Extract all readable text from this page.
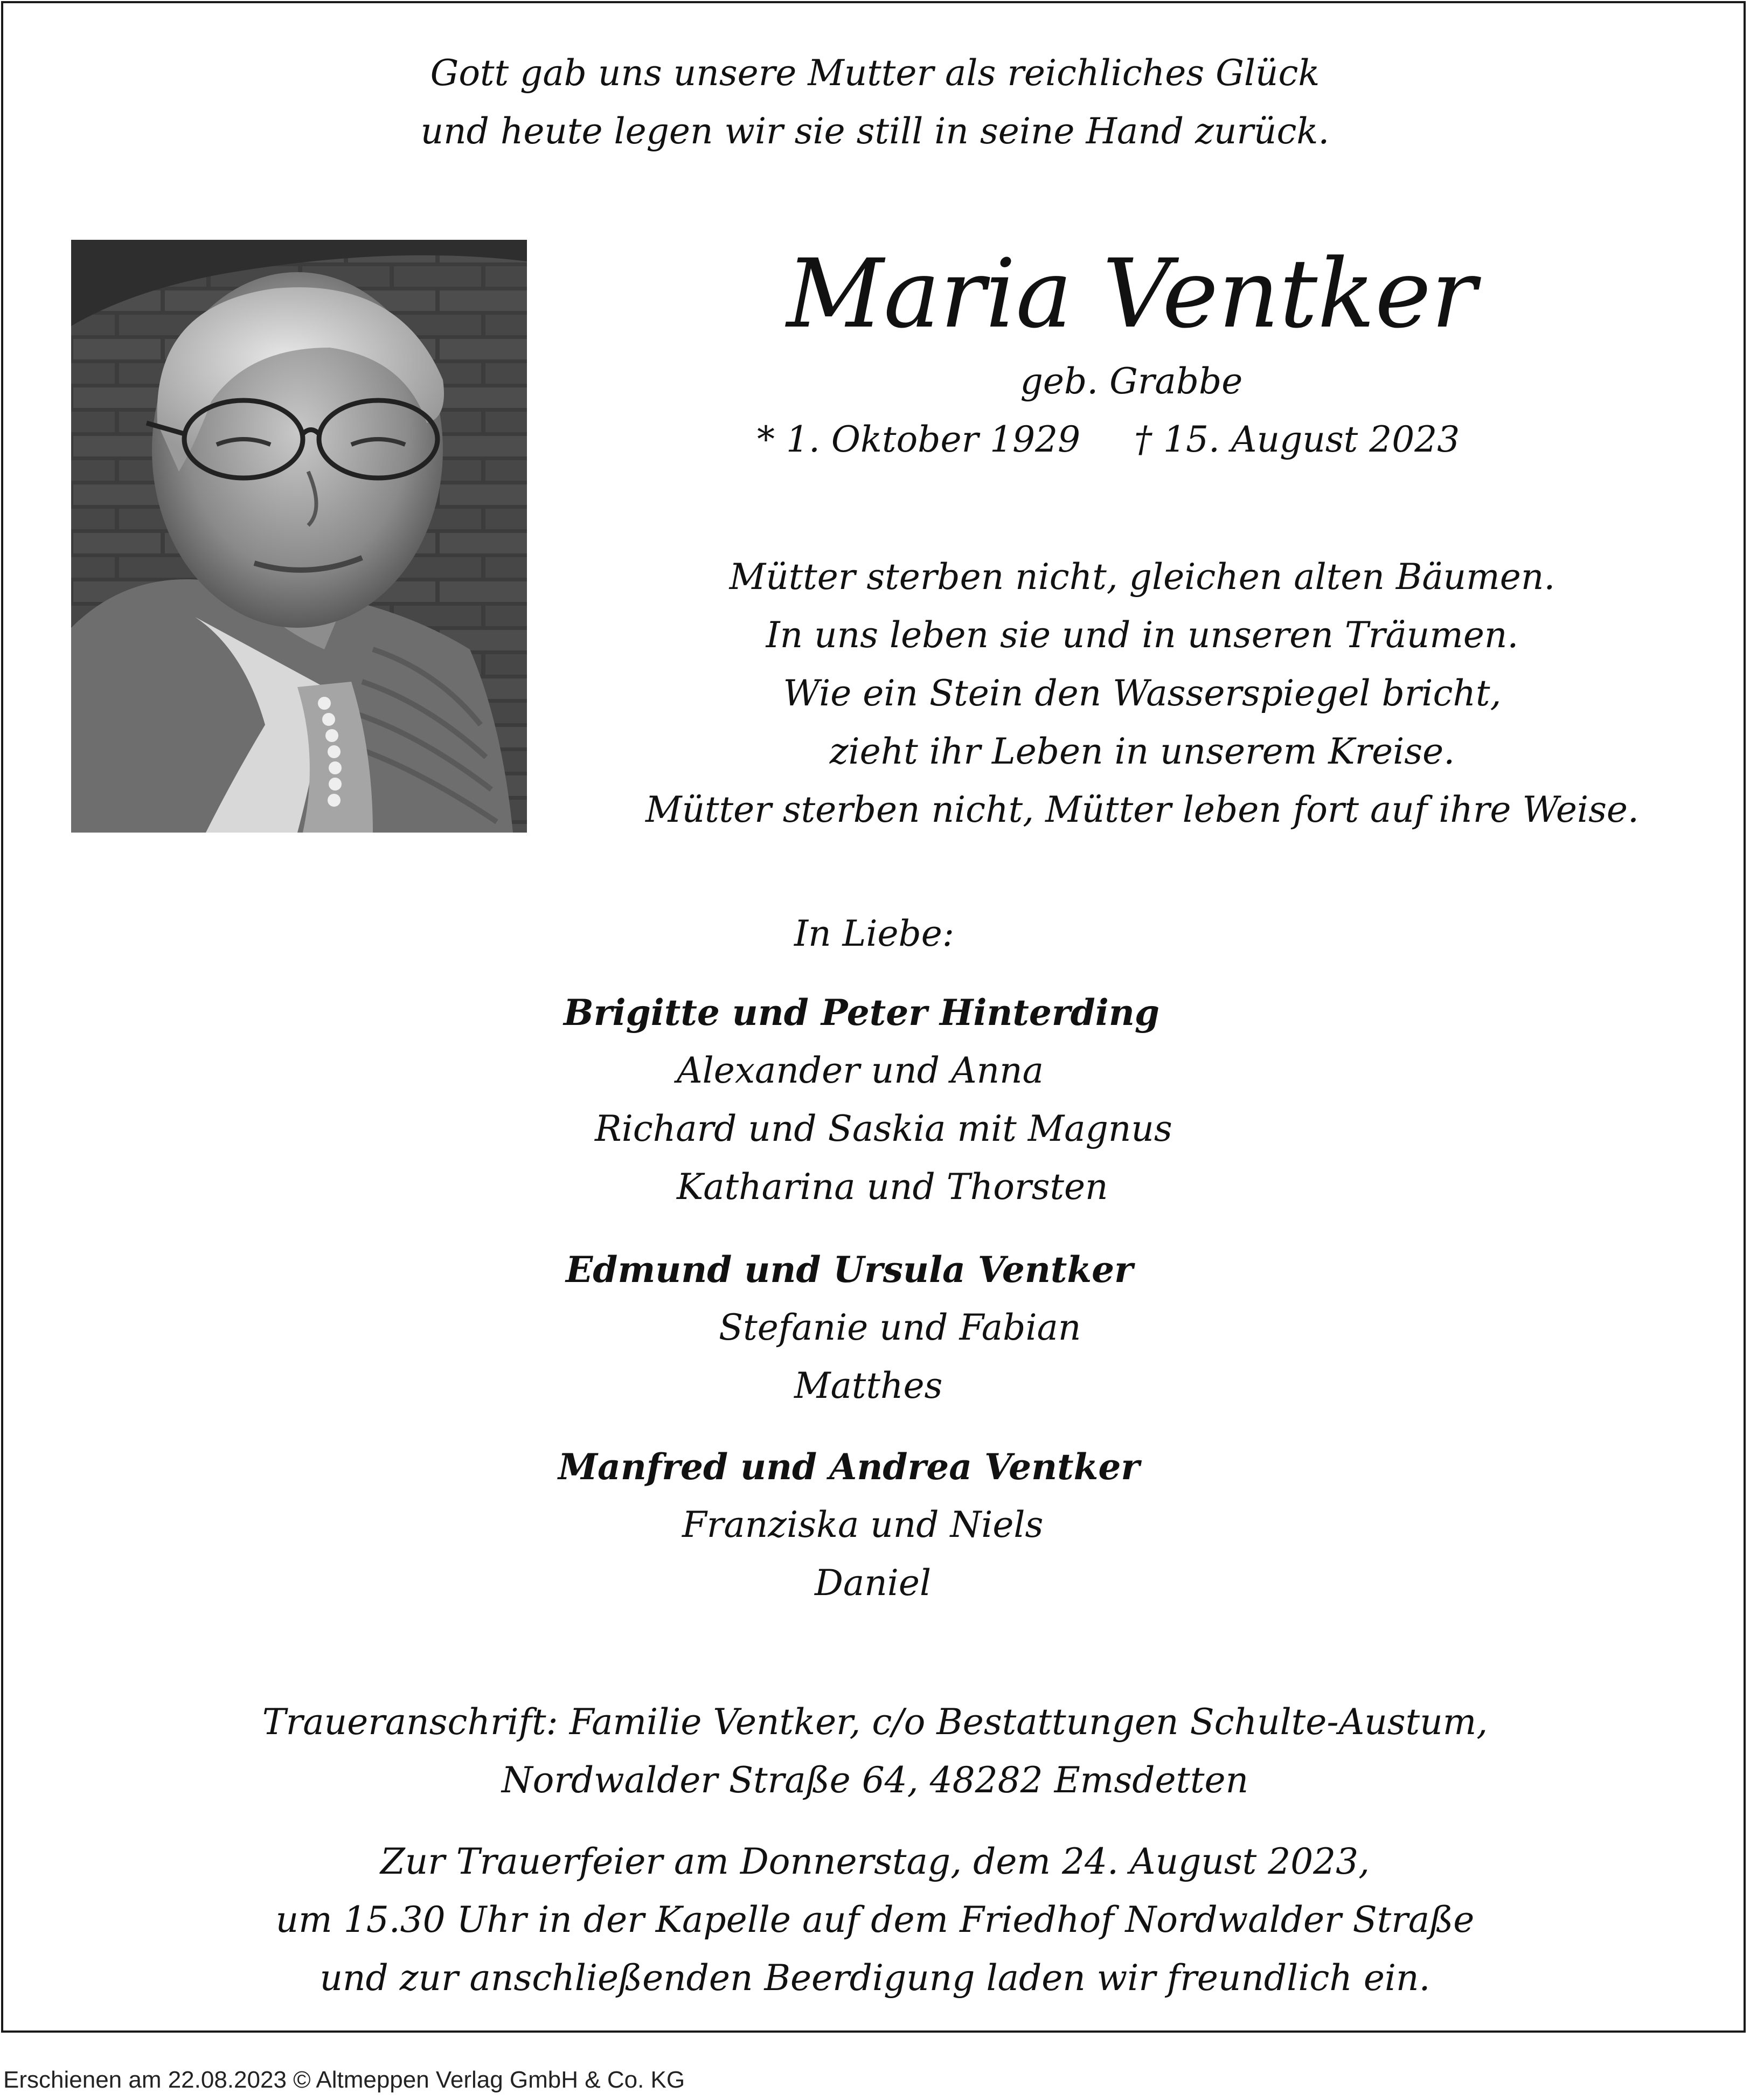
Gott gab uns unsere Mutter als reichliches Glück
und heute legen wir sie still in seine Hand zurück.
Maria Ventker
geb. Grabbe
* 1. Oktober 1929 † 15. August 2023
Mütter sterben nicht, gleichen alten Bäumen.
In uns leben sie und in unseren Träumen.
Wie ein Stein den Wasserspiegel bricht,
zieht ihr Leben in unserem Kreise.
Mütter sterben nicht, Mütter leben fort auf ihre Weise.
In Liebe:
Brigitte und Peter Hinterding
Alexander und Anna
Richard und Saskia mit Magnus
Katharina und Thorsten
Edmund und Ursula Ventker
Stefanie und Fabian
Matthes
Manfred und Andrea Ventker
Franziska und Niels
Daniel
Traueranschrift: Familie Ventker, c/o Bestattungen Schulte-Austum,
Nordwalder Straße 64, 48282 Emsdetten
Zur Trauerfeier am Donnerstag, dem 24. August 2023,
um 15.30 Uhr in der Kapelle auf dem Friedhof Nordwalder Straße
und zur anschließenden Beerdigung laden wir freundlich ein.
Erschienen am 22.08.2023 © Altmeppen Verlag GmbH & Co. KG
